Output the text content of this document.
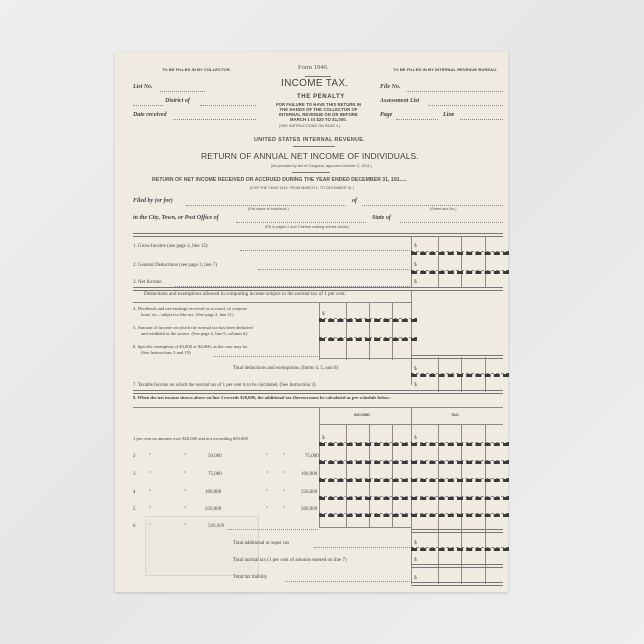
TO BE FILLED IN BY COLLECTOR.	TO BE FILLED IN BY INTERNAL REVENUE BUREAU.
Form 1040.
INCOME TAX.
THE PENALTY
FOR FAILURE TO HAVE THIS RETURN IN
THE HANDS OF THE COLLECTOR OF
INTERNAL REVENUE ON OR BEFORE
MARCH 1 IS $20 TO $1,000.
(SEE INSTRUCTIONS ON PAGE 4.)
UNITED STATES INTERNAL REVENUE.
List No.
District of
Date received
File No.
Assessment List
Page	Line
RETURN OF ANNUAL NET INCOME OF INDIVIDUALS.
(As provided by Act of Congress, approved October 3, 1913.)
RETURN OF NET INCOME RECEIVED OR ACCRUED DURING THE YEAR ENDED DECEMBER 31, 191.....
(FOR THE YEAR 1913, FROM MARCH 1, TO DECEMBER 31.)
Filed by (or for)
(Full name of individual.)
of
(Street and No.)
in the City, Town, or Post Office of	State of
(Fill in pages 2 and 3 before making entries below.)
1. Gross Income (see page 2, line 12)	$
2. General Deductions (see page 3, line 7)	$
3. Net Income	$
Deductions and exemptions allowed in computing income subject to the normal tax of 1 per cent.
4. Dividends and net earnings received or accrued, of corpora-
tions, etc., subject to like tax. (See page 2, line 11)	$
5. Amount of income on which the normal tax has been deducted
and withheld at the source. (See page 2, line 9, column A)
6. Specific exemption of $3,000 or $4,000, as the case may be.
(See Instructions 3 and 19)
Total deductions and exemptions. (Items 4, 5, and 6)	$
7. Taxable Income on which the normal tax of 1 per cent is to be calculated. (See Instruction 3).	$
8. When the net income shown above on line 3 exceeds $20,000, the additional tax thereon must be calculated as per schedule below:
INCOME.	TAX.
1 per cent on amount over $20,000 and not exceeding $50,000	$	$
2	"	"	50,000	"	"	75,000
3	"	"	75,000	"	"	100,000
4	"	"	100,000	"	"	250,000
5	"	"	250,000	"	"	500,000
6	"	"	500,000
Total additional or super tax	$
Total normal tax (1 per cent of amount entered on line 7)	$
Total tax liability	$
